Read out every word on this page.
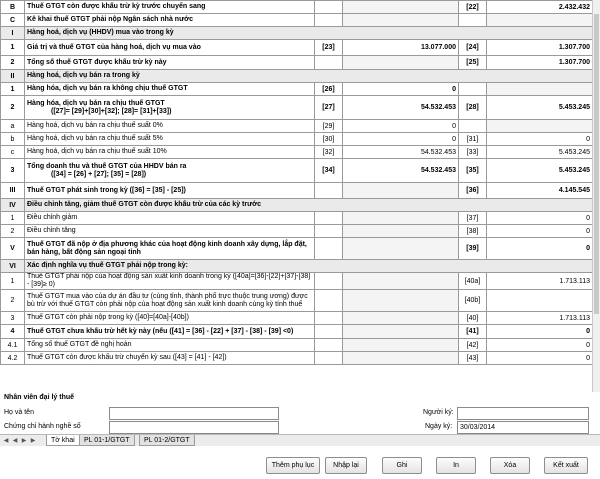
B	Thuế GTGT còn được khấu trừ kỳ trước chuyển sang			[22]	2.432.432
C	Kê khai thuế GTGT phải nộp Ngân sách nhà nước				
I	Hàng hoá, dịch vụ (HHDV) mua vào trong kỳ				
1	Giá trị và thuế GTGT của hàng hoá, dịch vụ mua vào	[23]	13.077.000	[24]	1.307.700
2	Tổng số thuế GTGT được khấu trừ kỳ này			[25]	1.307.700
II	Hàng hoá, dịch vụ bán ra trong kỳ				
1	Hàng hóa, dịch vụ bán ra không chịu thuế GTGT	[26]	0		
2	Hàng hóa, dịch vụ bán ra chịu thuế GTGT
([27]= [29]+[30]+[32]; [28]= [31]+[33])	[27]	54.532.453	[28]	5.453.245
a	Hàng hoá, dịch vụ bán ra chịu thuế suất 0%	[29]	0		
b	Hàng hoá, dịch vụ bán ra chịu thuế suất 5%	[30]	0	[31]	0
c	Hàng hoá, dịch vụ bán ra chịu thuế suất 10%	[32]	54.532.453	[33]	5.453.245
3	Tổng doanh thu và thuế GTGT của HHDV bán ra
([34] = [26] + [27]; [35] = [28])	[34]	54.532.453	[35]	5.453.245
III	Thuế GTGT phát sinh trong kỳ ([36] = [35] - [25])			[36]	4.145.545
IV	Điều chỉnh tăng, giảm thuế GTGT còn được khấu trừ của các kỳ trước				
1	Điều chỉnh giảm			[37]	0
2	Điều chỉnh tăng			[38]	0
V	Thuế GTGT đã nộp ở địa phương khác của hoạt động kinh doanh xây dựng, lắp đặt, bán hàng, bất động sản ngoại tỉnh			[39]	0
VI	Xác định nghĩa vụ thuế GTGT phải nộp trong kỳ:				
1	Thuế GTGT phải nộp của hoạt động sản xuất kinh doanh trong kỳ ([40a]=[36]-[22]+[37]-[38] - [39]≥ 0)			[40a]	1.713.113
2	Thuế GTGT mua vào của dự án đầu tư (cùng tỉnh, thành phố trực thuộc trung ương) được bù trừ với thuế GTGT còn phải nộp của hoạt động sản xuất kinh doanh cùng kỳ tính thuế			[40b]	
3	Thuế GTGT còn phải nộp trong kỳ ([40]=[40a]-[40b])			[40]	1.713.113
4	Thuế GTGT chưa khấu trừ hết kỳ này (nếu ([41] = [36] - [22] + [37] - [38] - [39] <0)			[41]	0
4.1	Tổng số thuế GTGT đề nghị hoàn			[42]	0
4.2	Thuế GTGT còn được khấu trừ chuyển kỳ sau ([43] = [41] - [42])			[43]	0
Nhân viên đại lý thuế
Họ và tên
Chứng chỉ hành nghề số
Người ký:
Ngày ký:	30/03/2014
◀ ◀ ▶ ▶	Tờ khai	PL 01-1/GTGT	PL 01-2/GTGT
Thêm phụ lục	Nhập lại	Ghi	In	Xóa	Kết xuất
